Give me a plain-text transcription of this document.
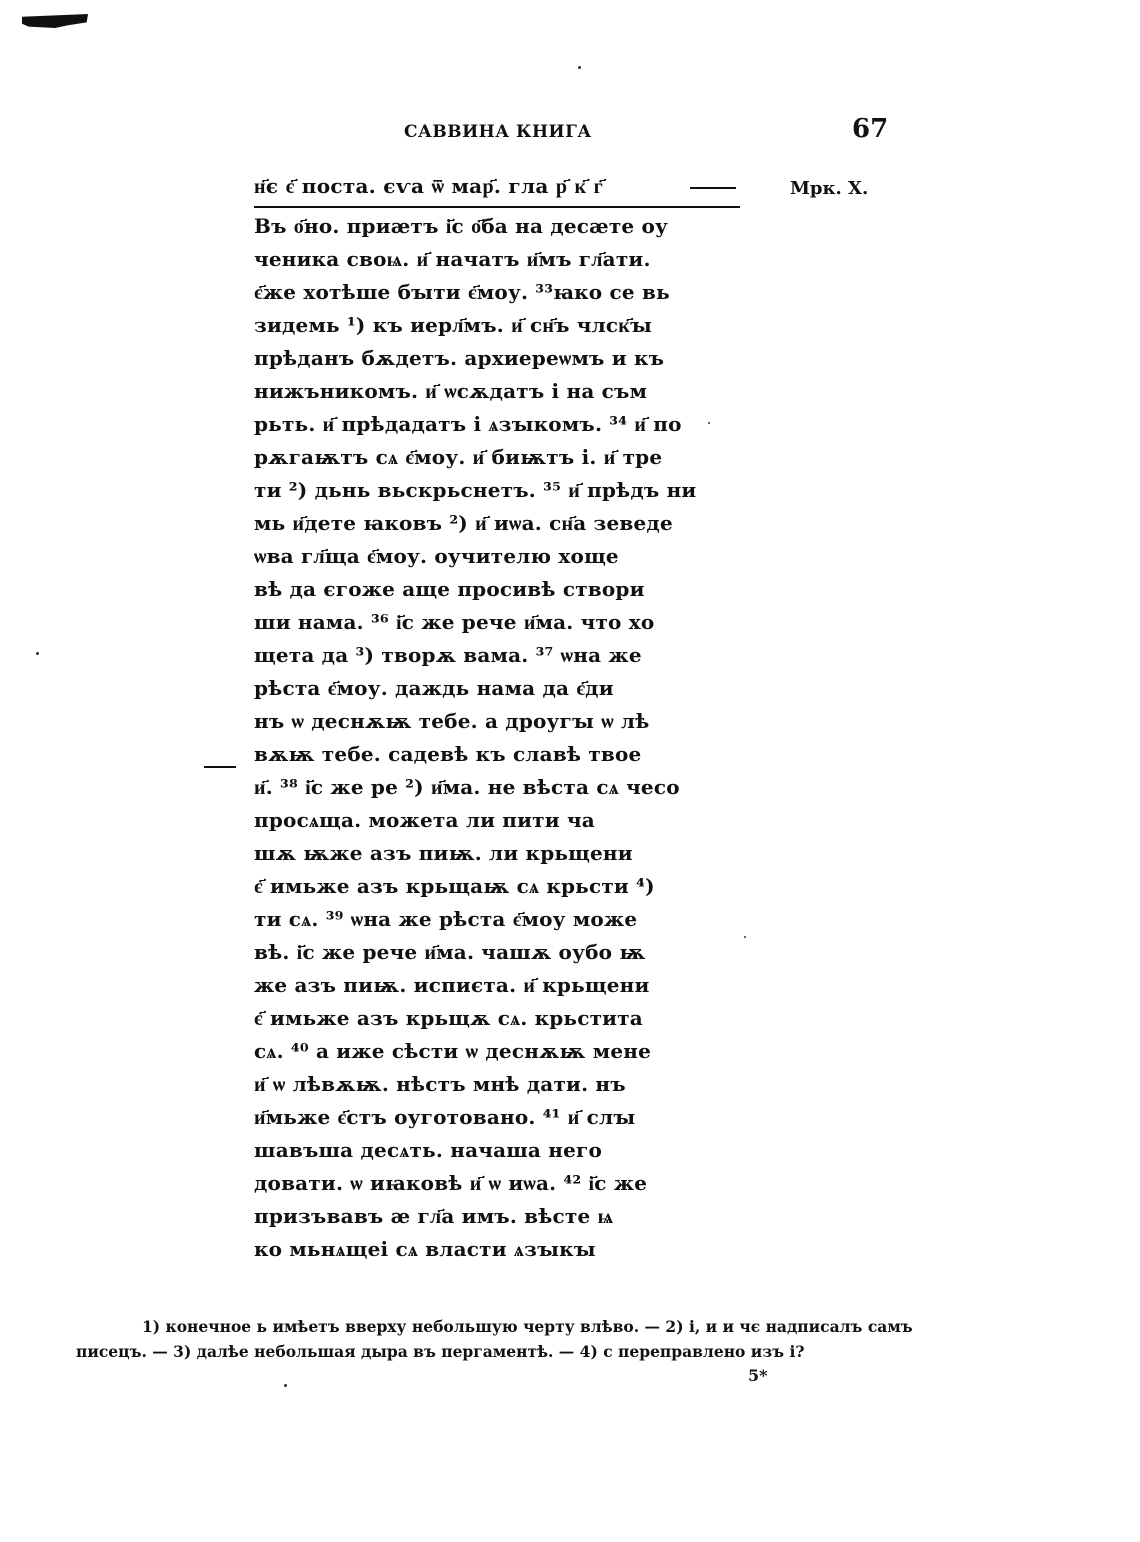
САВВИНА КНИГА	67
н҃є є҃ поста. єѵа ѿ мар҃. гла р҃ к҃ г҃	Мрк. X.
Въ о҃но. приӕтъ і҃с о҃ба на десӕте оу
ченика своѩ. и҃ начатъ и҃мъ гл҃ати.
є҃же хотѣше бꙑти є҃моу. ³³ꙗко се вь
зидемь ¹) къ иерл҃мъ. и҃ сн҃ъ члск҃ꙑ
прѣданъ бѫдетъ. архиереѡмъ и къ
нижъникомъ. и҃ ѡсѫдатъ і на съм
рьть. и҃ прѣдадатъ і ѧзꙑкомъ. ³⁴ и҃ по
рѫгаѭтъ сѧ є҃моу. и҃ биѭтъ і. и҃ тре
ти ²) дьнь вьскрьснетъ. ³⁵ и҃ прѣдъ ни
мь и҃дете ꙗковъ ²) и҃ иѡа. сн҃а зеведе
ѡва гл҃ща є҃моу. оучителю хоще
вѣ да єгоже аще просивѣ створи
ши нама. ³⁶ і҃с же рече и҃ма. что хо
щета да ³) творѫ вама. ³⁷ ѡна же
рѣста є҃моу. даждь нама да є҃ди
нъ ѡ деснѫѭ тебе. а дроугꙑ ѡ лѣ
вѫѭ тебе. садевѣ къ славѣ твое
и҃. ³⁸ і҃с же ре ²) и҃ма. не вѣста сѧ чесо
просѧща. можета ли пити ча
шѫ ѭже азъ пиѭ. ли крьщени
є҃ имьже азъ крьщаѭ сѧ крьсти ⁴)
ти сѧ. ³⁹ ѡна же рѣста є҃моу може
вѣ. і҃с же рече и҃ма. чашѫ оубо ѭ
же азъ пиѭ. испиєта. и҃ крьщени
є҃ имьже азъ крьщѫ сѧ. крьстита
сѧ. ⁴⁰ а иже сѣсти ѡ деснѫѭ мене
и҃ ѡ лѣвѫѭ. нѣстъ мнѣ дати. нъ
и҃мьже є҃стъ оуготовано. ⁴¹ и҃ слꙑ
шавъша десѧть. начаша него
довати. ѡ иꙗковѣ и҃ ѡ иѡа. ⁴² і҃с же
призъвавъ ӕ гл҃а имъ. вѣсте ѩ
ко мьнѧщеі сѧ власти ѧзꙑкꙑ
1) конечное ь имѣетъ вверху небольшую черту влѣво. — 2) і, и и чє надписалъ самъ
писецъ. — 3) далѣе небольшая дыра въ пергаментѣ. — 4) с переправлено изъ і?
5*
